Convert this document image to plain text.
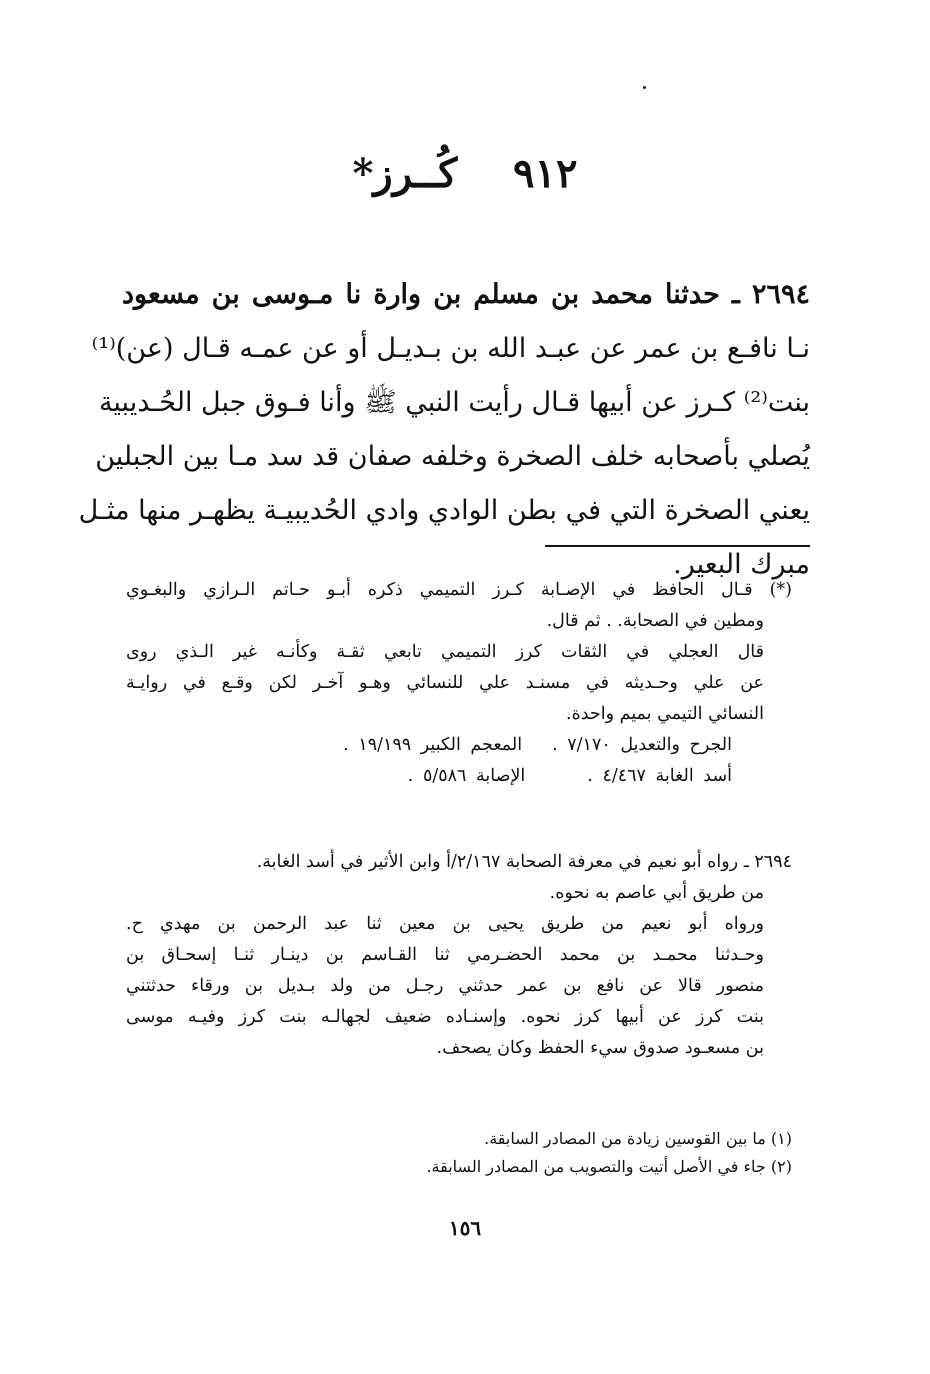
٩١٢    كُــرز*
٢٦٩٤ ـ حدثنا محمد بن مسلم بن وارة نا مـوسى بن مسعود
نـا نافـع بن عمر عن عبـد الله بن بـديـل أو عن عمـه قـال (عن)⁽¹⁾
بنت⁽²⁾ كـرز عن أبيها قـال رأيت النبي ﷺ وأنا فـوق جبل الحُـديبية
يُصلي بأصحابه خلف الصخرة وخلفه صفان قد سد مـا بين الجبلين
يعني الصخرة التي في بطن الوادي وادي الحُديبيـة يظهـر منها مثـل
مبرك البعير.
(*) قـال الحافظ في الإصـابة كـرز التميمي ذكره أبـو حـاتم الـرازي والبغـوي
ومطين في الصحابة. . ثم قال.
قال العجلي في الثقات كرز التميمي تابعي ثقـة وكأنـه غير الـذي روى
عن علي وحـديثه في مسنـد علي للنسائي وهـو آخـر لكن وقـع في روايـة
النسائي التيمي بميم واحدة.
الجرح والتعديل ٧/١٧٠ .المعجم الكبير ١٩/١٩٩ .
أسد الغابة ٤/٤٦٧ .الإصابة ٥/٥٨٦ .
٢٦٩٤ ـ رواه أبو نعيم في معرفة الصحابة ٢/١٦٧/أ وابن الأثير في أسد الغابة.
من طريق أبي عاصم به نحوه.
ورواه أبو نعيم من طريق يحيى بن معين ثنا عبد الرحمن بن مهدي ح.
وحـدثنا محمـد بن محمد الحضـرمي ثنا القـاسم بن دينـار ثنـا إسحـاق بن
منصور قالا عن نافع بن عمر حدثني رجـل من ولد بـديل بن ورقاء حدثتني
بنت كرز عن أبيها كرز نحوه. وإسنـاده ضعيف لجهالـه بنت كرز وفيـه موسى
بن مسعـود صدوق سيء الحفظ وكان يصحف.
(١) ما بين القوسين زيادة من المصادر السابقة.
(٢) جاء في الأصل أتيت والتصويب من المصادر السابقة.
١٥٦
